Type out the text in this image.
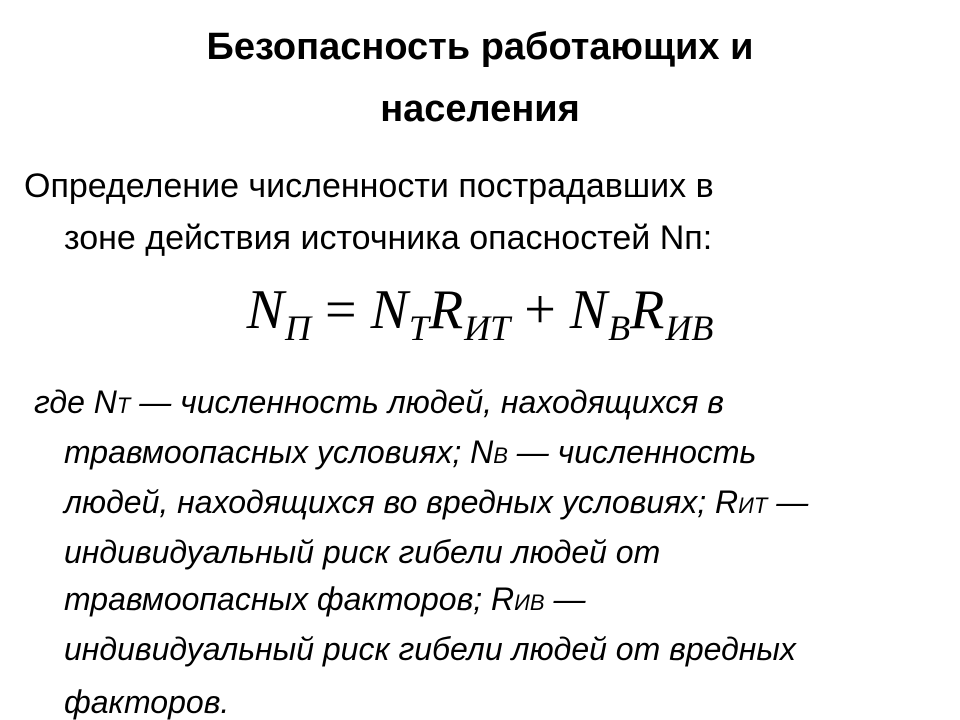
Безопасность работающих и
населения
Определение численности пострадавших в
зоне действия источника опасностей Nп:
$N_П = N_TR_{ИТ} + N_BR_{ИВ}$
где NТ — численность людей, находящихся в
травмоопасных условиях; NВ — численность
людей, находящихся во вредных условиях; RИТ —
индивидуальный риск гибели людей от
травмоопасных факторов; RИВ —
индивидуальный риск гибели людей от вредных
факторов.
